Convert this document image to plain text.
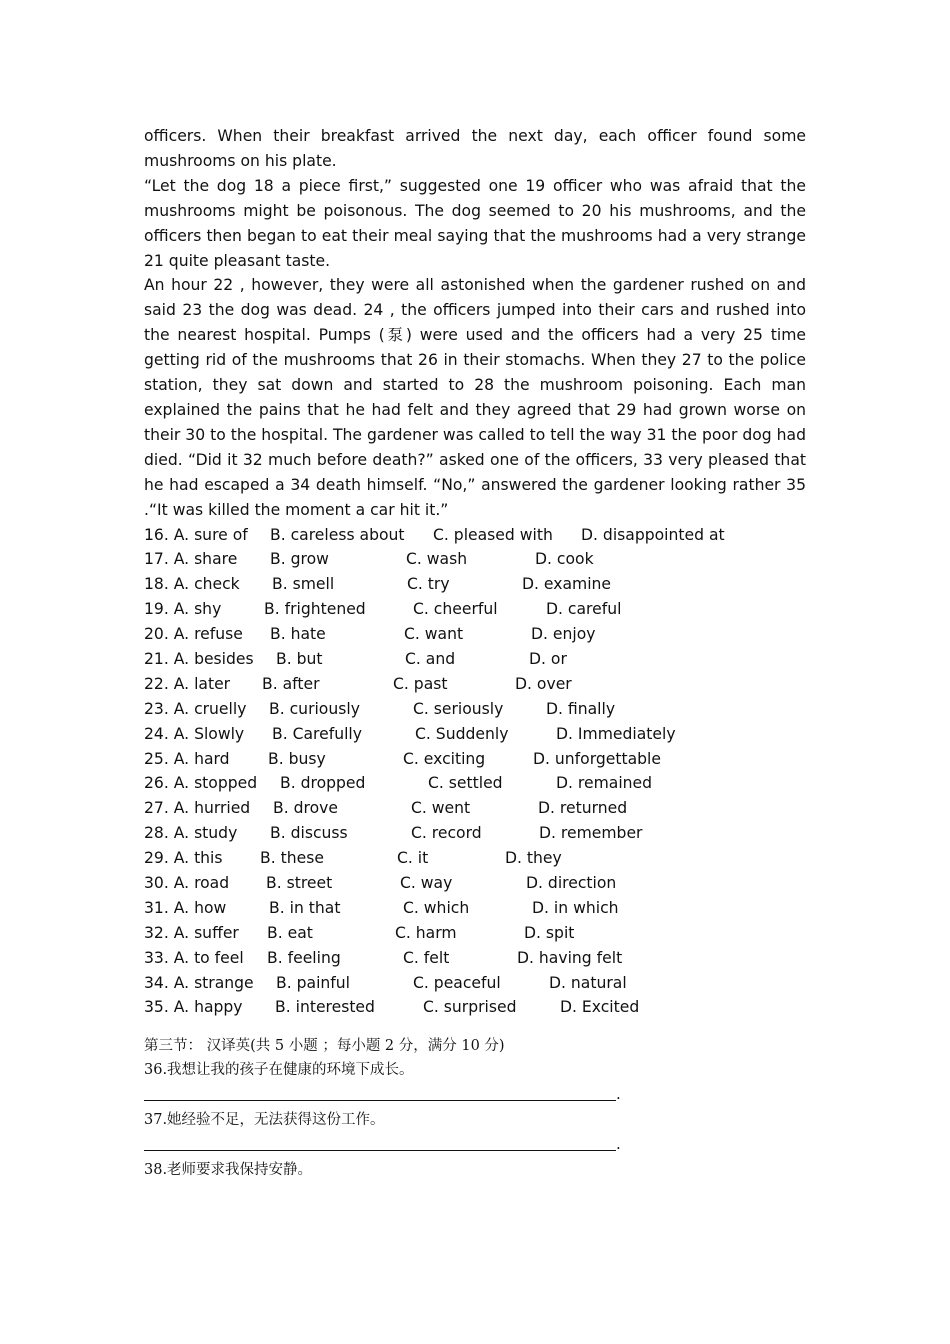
officers. When their breakfast arrived the next day, each officer found some mushrooms on his plate.

“Let the dog 18 a piece first,” suggested one 19 officer who was afraid that the mushrooms might be poisonous. The dog seemed to 20 his mushrooms, and the officers then began to eat their meal saying that the mushrooms had a very strange 21 quite pleasant taste.

An hour 22 , however, they were all astonished when the gardener rushed on and said 23 the dog was dead. 24 , the officers jumped into their cars and rushed into the nearest hospital. Pumps (泵) were used and the officers had a very 25 time getting rid of the mushrooms that 26 in their stomachs. When they 27 to the police station, they sat down and started to 28 the mushroom poisoning. Each man explained the pains that he had felt and they agreed that 29 had grown worse on their 30 to the hospital. The gardener was called to tell the way 31 the poor dog had died. “Did it 32 much before death?” asked one of the officers, 33 very pleased that he had escaped a 34 death himself. “No,” answered the gardener looking rather 35 .“It was killed the moment a car hit it.”

16. A. sure of B. careless about C. pleased with D. disappointed at
17. A. share B. grow	C. wash	D. cook
18. A. check B. smell	C. try	D. examine
19. A. shy	B. frightened	C. cheerful	D. careful
20. A. refuse B. hate	C. want	D. enjoy
21. A. besides B. but	C. and	D. or
22. A. later B. after	C. past	D. over
23. A. cruelly B. curiously	C. seriously	D. finally
24. A. Slowly B. Carefully	C. Suddenly	D. Immediately
25. A. hard B. busy	C. exciting	D. unforgettable
26. A. stopped B. dropped	C. settled	D. remained
27. A. hurried B. drove	C. went	D. returned
28. A. study B. discuss	C. record	D. remember
29. A. this B. these	C. it	D. they
30. A. road B. street	C. way	D. direction
31. A. how	B. in that	C. which	D. in which
32. A. suffer B. eat	C. harm	D. spit
33. A. to feel B. feeling	C. felt	D. having felt
34. A. strange B. painful	C. peaceful	D. natural
35. A. happy B. interested	C. surprised	D. Excited
第三节： 汉译英(共 5 小题 ；每小题 2 分，满分 10 分)
36.我想让我的孩子在健康的环境下成长。
.
37.她经验不足，无法获得这份工作。
.
38.老师要求我保持安静。
